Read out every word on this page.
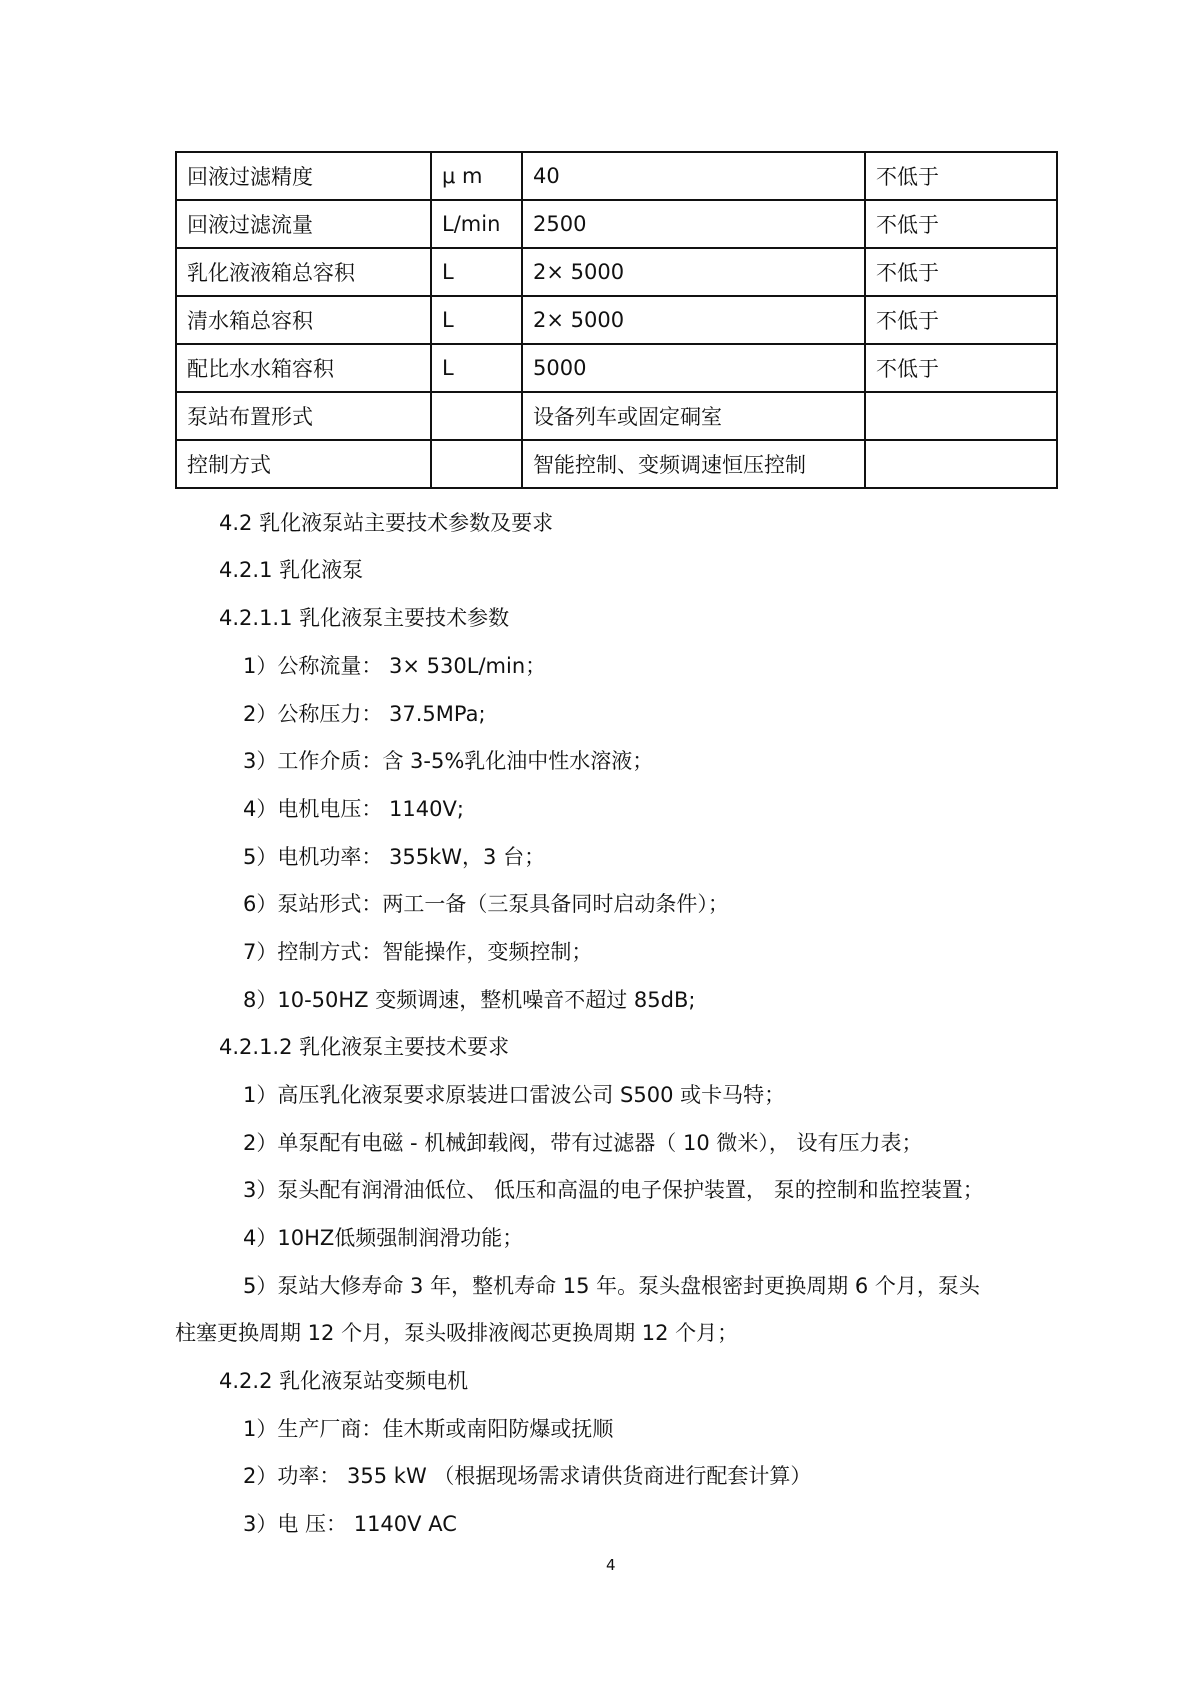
回液过滤精度	μ m	40	不低于
回液过滤流量	L/min	2500	不低于
乳化液液箱总容积	L	2× 5000	不低于
清水箱总容积	L	2× 5000	不低于
配比水水箱容积	L	5000	不低于
泵站布置形式		设备列车或固定硐室	
控制方式		智能控制、变频调速恒压控制	
4.2 乳化液泵站主要技术参数及要求
4.2.1 乳化液泵
4.2.1.1 乳化液泵主要技术参数
1）公称流量： 3× 530L/min；
2）公称压力： 37.5MPa;
3）工作介质：含 3-5%乳化油中性水溶液；
4）电机电压： 1140V;
5）电机功率： 355kW，3 台；
6）泵站形式：两工一备（三泵具备同时启动条件）；
7）控制方式：智能操作，变频控制；
8）10-50HZ 变频调速，整机噪音不超过 85dB;
4.2.1.2 乳化液泵主要技术要求
1）高压乳化液泵要求原装进口雷波公司 S500 或卡马特；
2）单泵配有电磁 - 机械卸载阀，带有过滤器（ 10 微米）， 设有压力表；
3）泵头配有润滑油低位、 低压和高温的电子保护装置， 泵的控制和监控装置；
4）10HZ低频强制润滑功能；
5）泵站大修寿命 3 年，整机寿命 15 年。泵头盘根密封更换周期 6 个月，泵头
柱塞更换周期 12 个月，泵头吸排液阀芯更换周期 12 个月；
4.2.2 乳化液泵站变频电机
1）生产厂商：佳木斯或南阳防爆或抚顺
2）功率： 355 kW （根据现场需求请供货商进行配套计算）
3）电 压： 1140V AC
4
